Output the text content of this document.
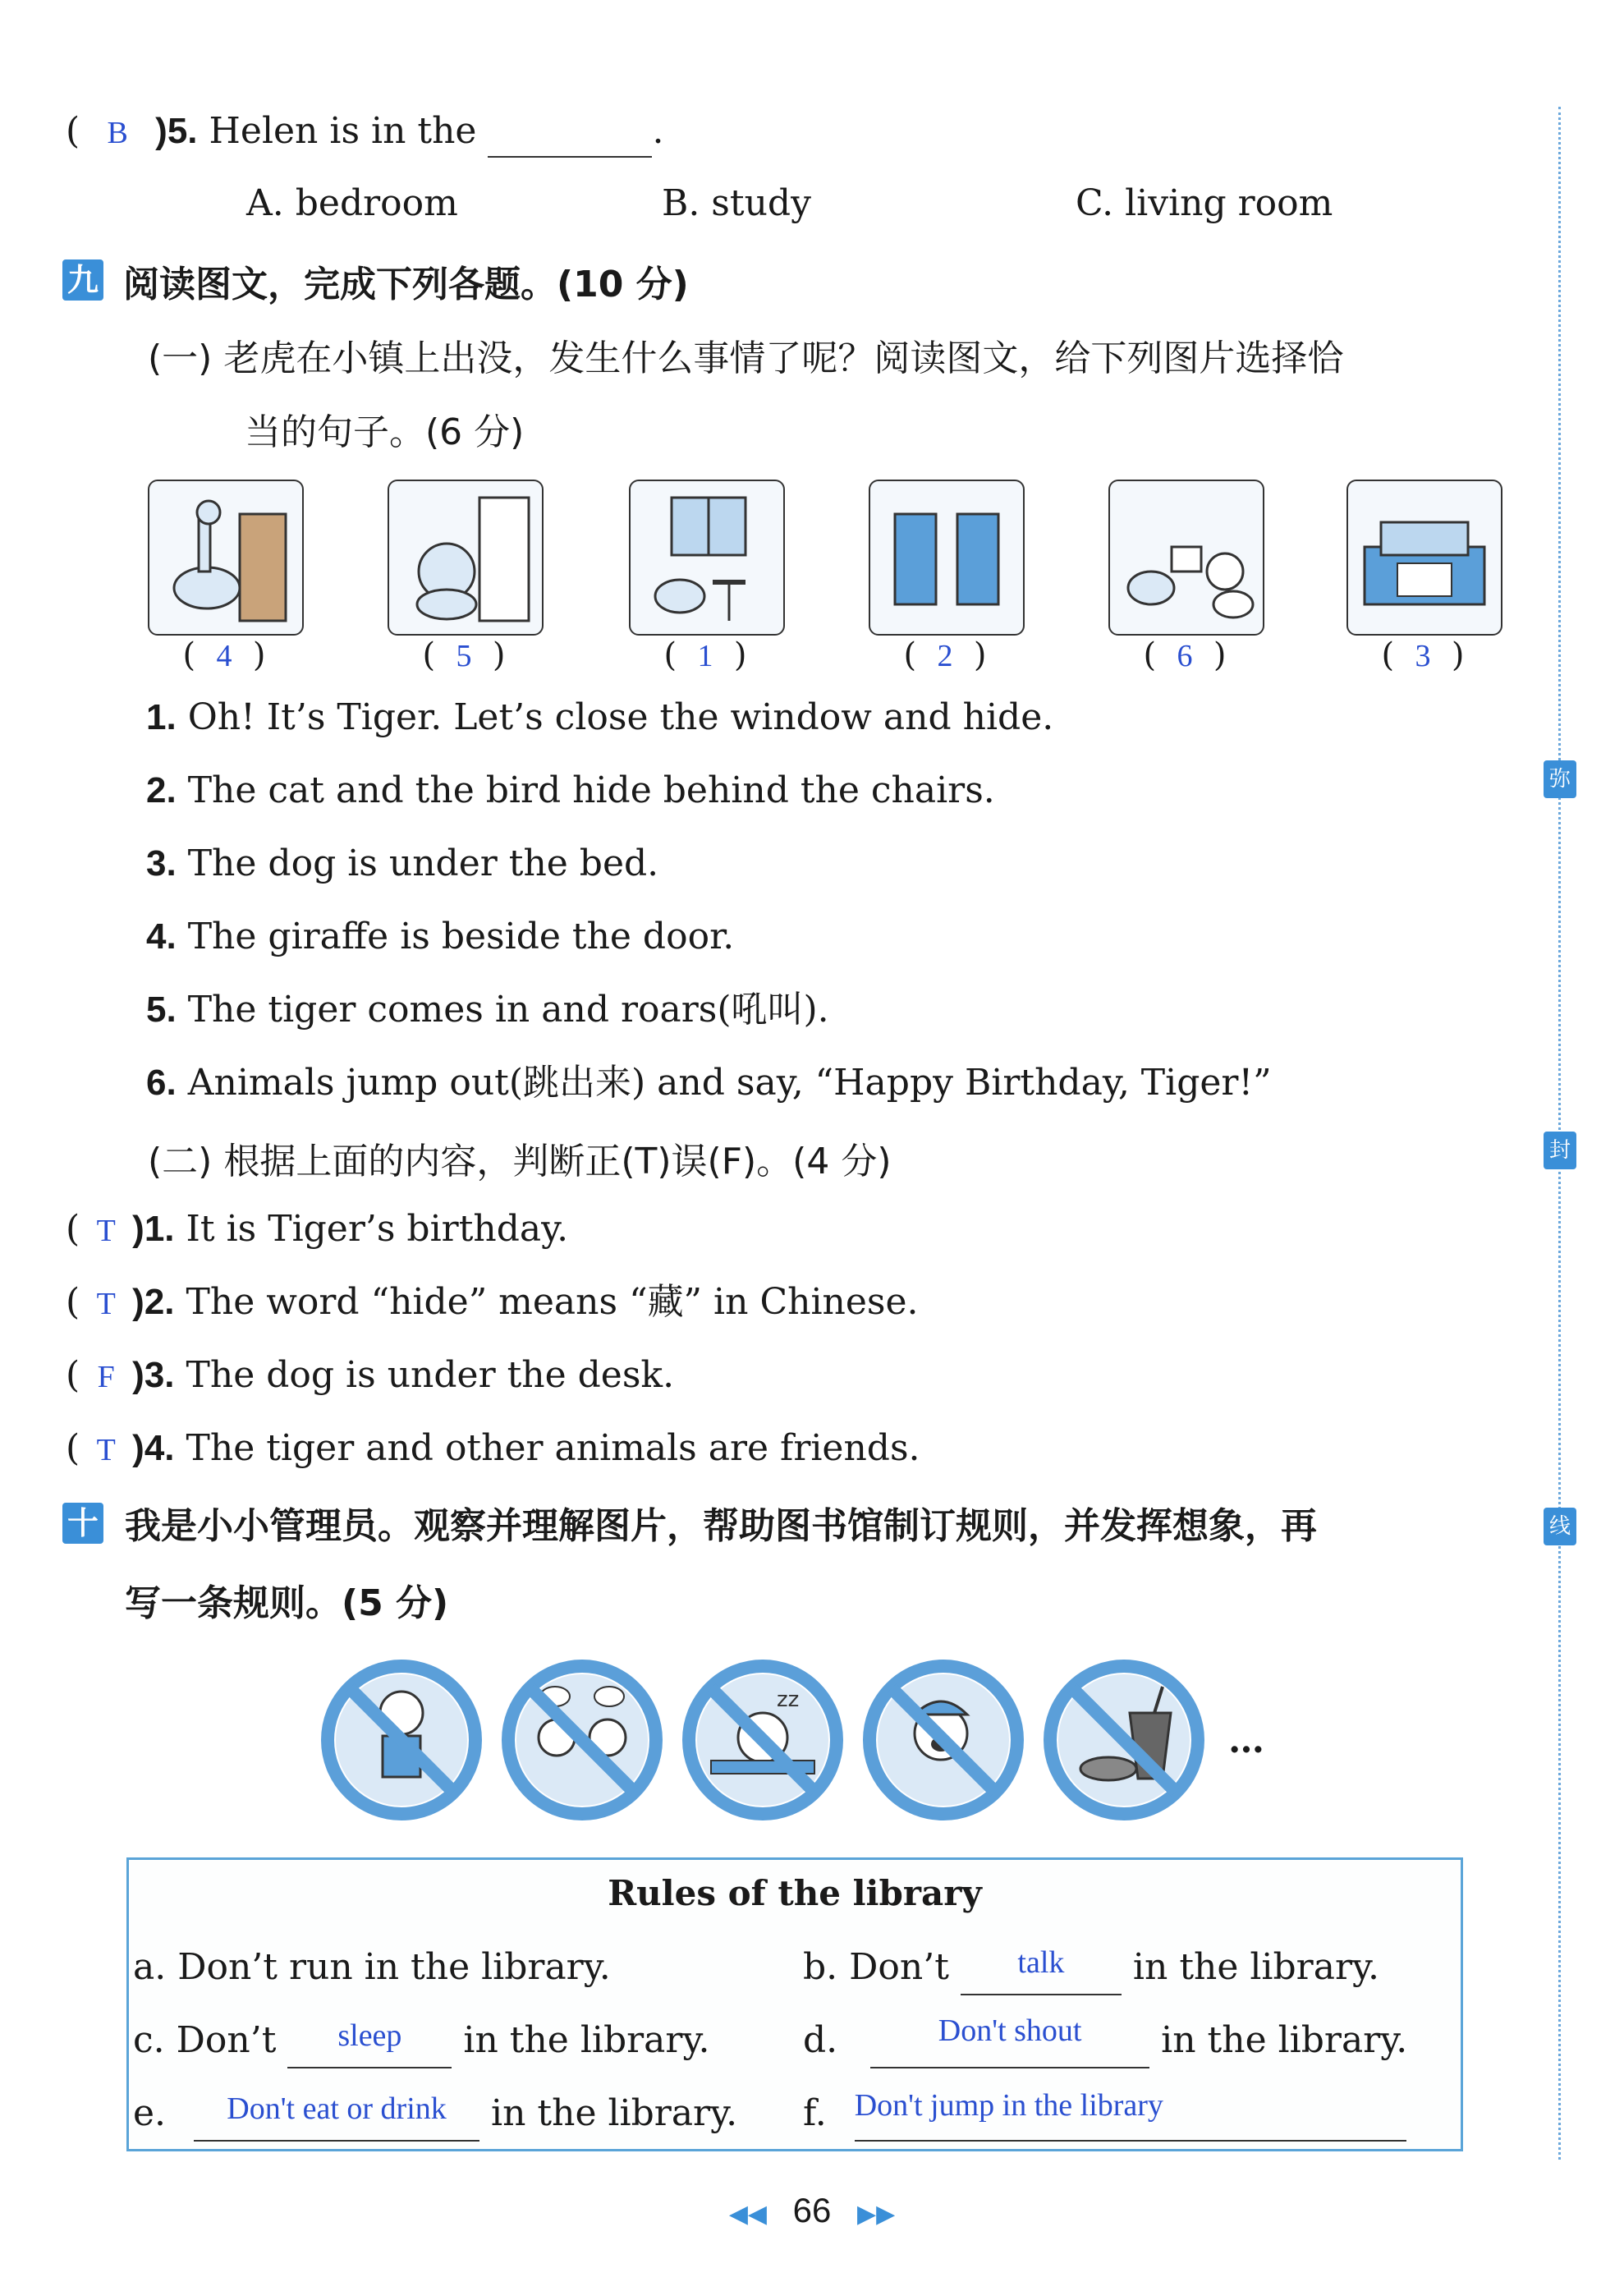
弥
封
线
( B )5. Helen is in the	.
A. bedroom	B. study	C. living room
九 阅读图文，完成下列各题。(10 分)
(一) 老虎在小镇上出没，发生什么事情了呢？阅读图文，给下列图片选择恰
当的句子。(6 分)
(  4  )	(  5  )	(  1  )	(  2  )	(  6  )	(  3  )
1. Oh! It’s Tiger. Let’s close the window and hide.
2. The cat and the bird hide behind the chairs.
3. The dog is under the bed.
4. The giraffe is beside the door.
5. The tiger comes in and roars(吼叫).
6. Animals jump out(跳出来) and say, “Happy Birthday, Tiger!”
(二) 根据上面的内容，判断正(T)误(F)。(4 分)
( T )1. It is Tiger’s birthday.
( T )2. The word “hide” means “藏” in Chinese.
( F )3. The dog is under the desk.
( T )4. The tiger and other animals are friends.
十 我是小小管理员。观察并理解图片，帮助图书馆制订规则，并发挥想象，再
写一条规则。(5 分)
zz
…
Rules of the library
a. Don’t run in the library.	b. Don’t talk in the library.
c. Don’t sleep in the library.	d.	Don't shout in the library.
e. Don't eat or drink in the library. f. Don't jump in the library
◀◀ 66 ▶▶
